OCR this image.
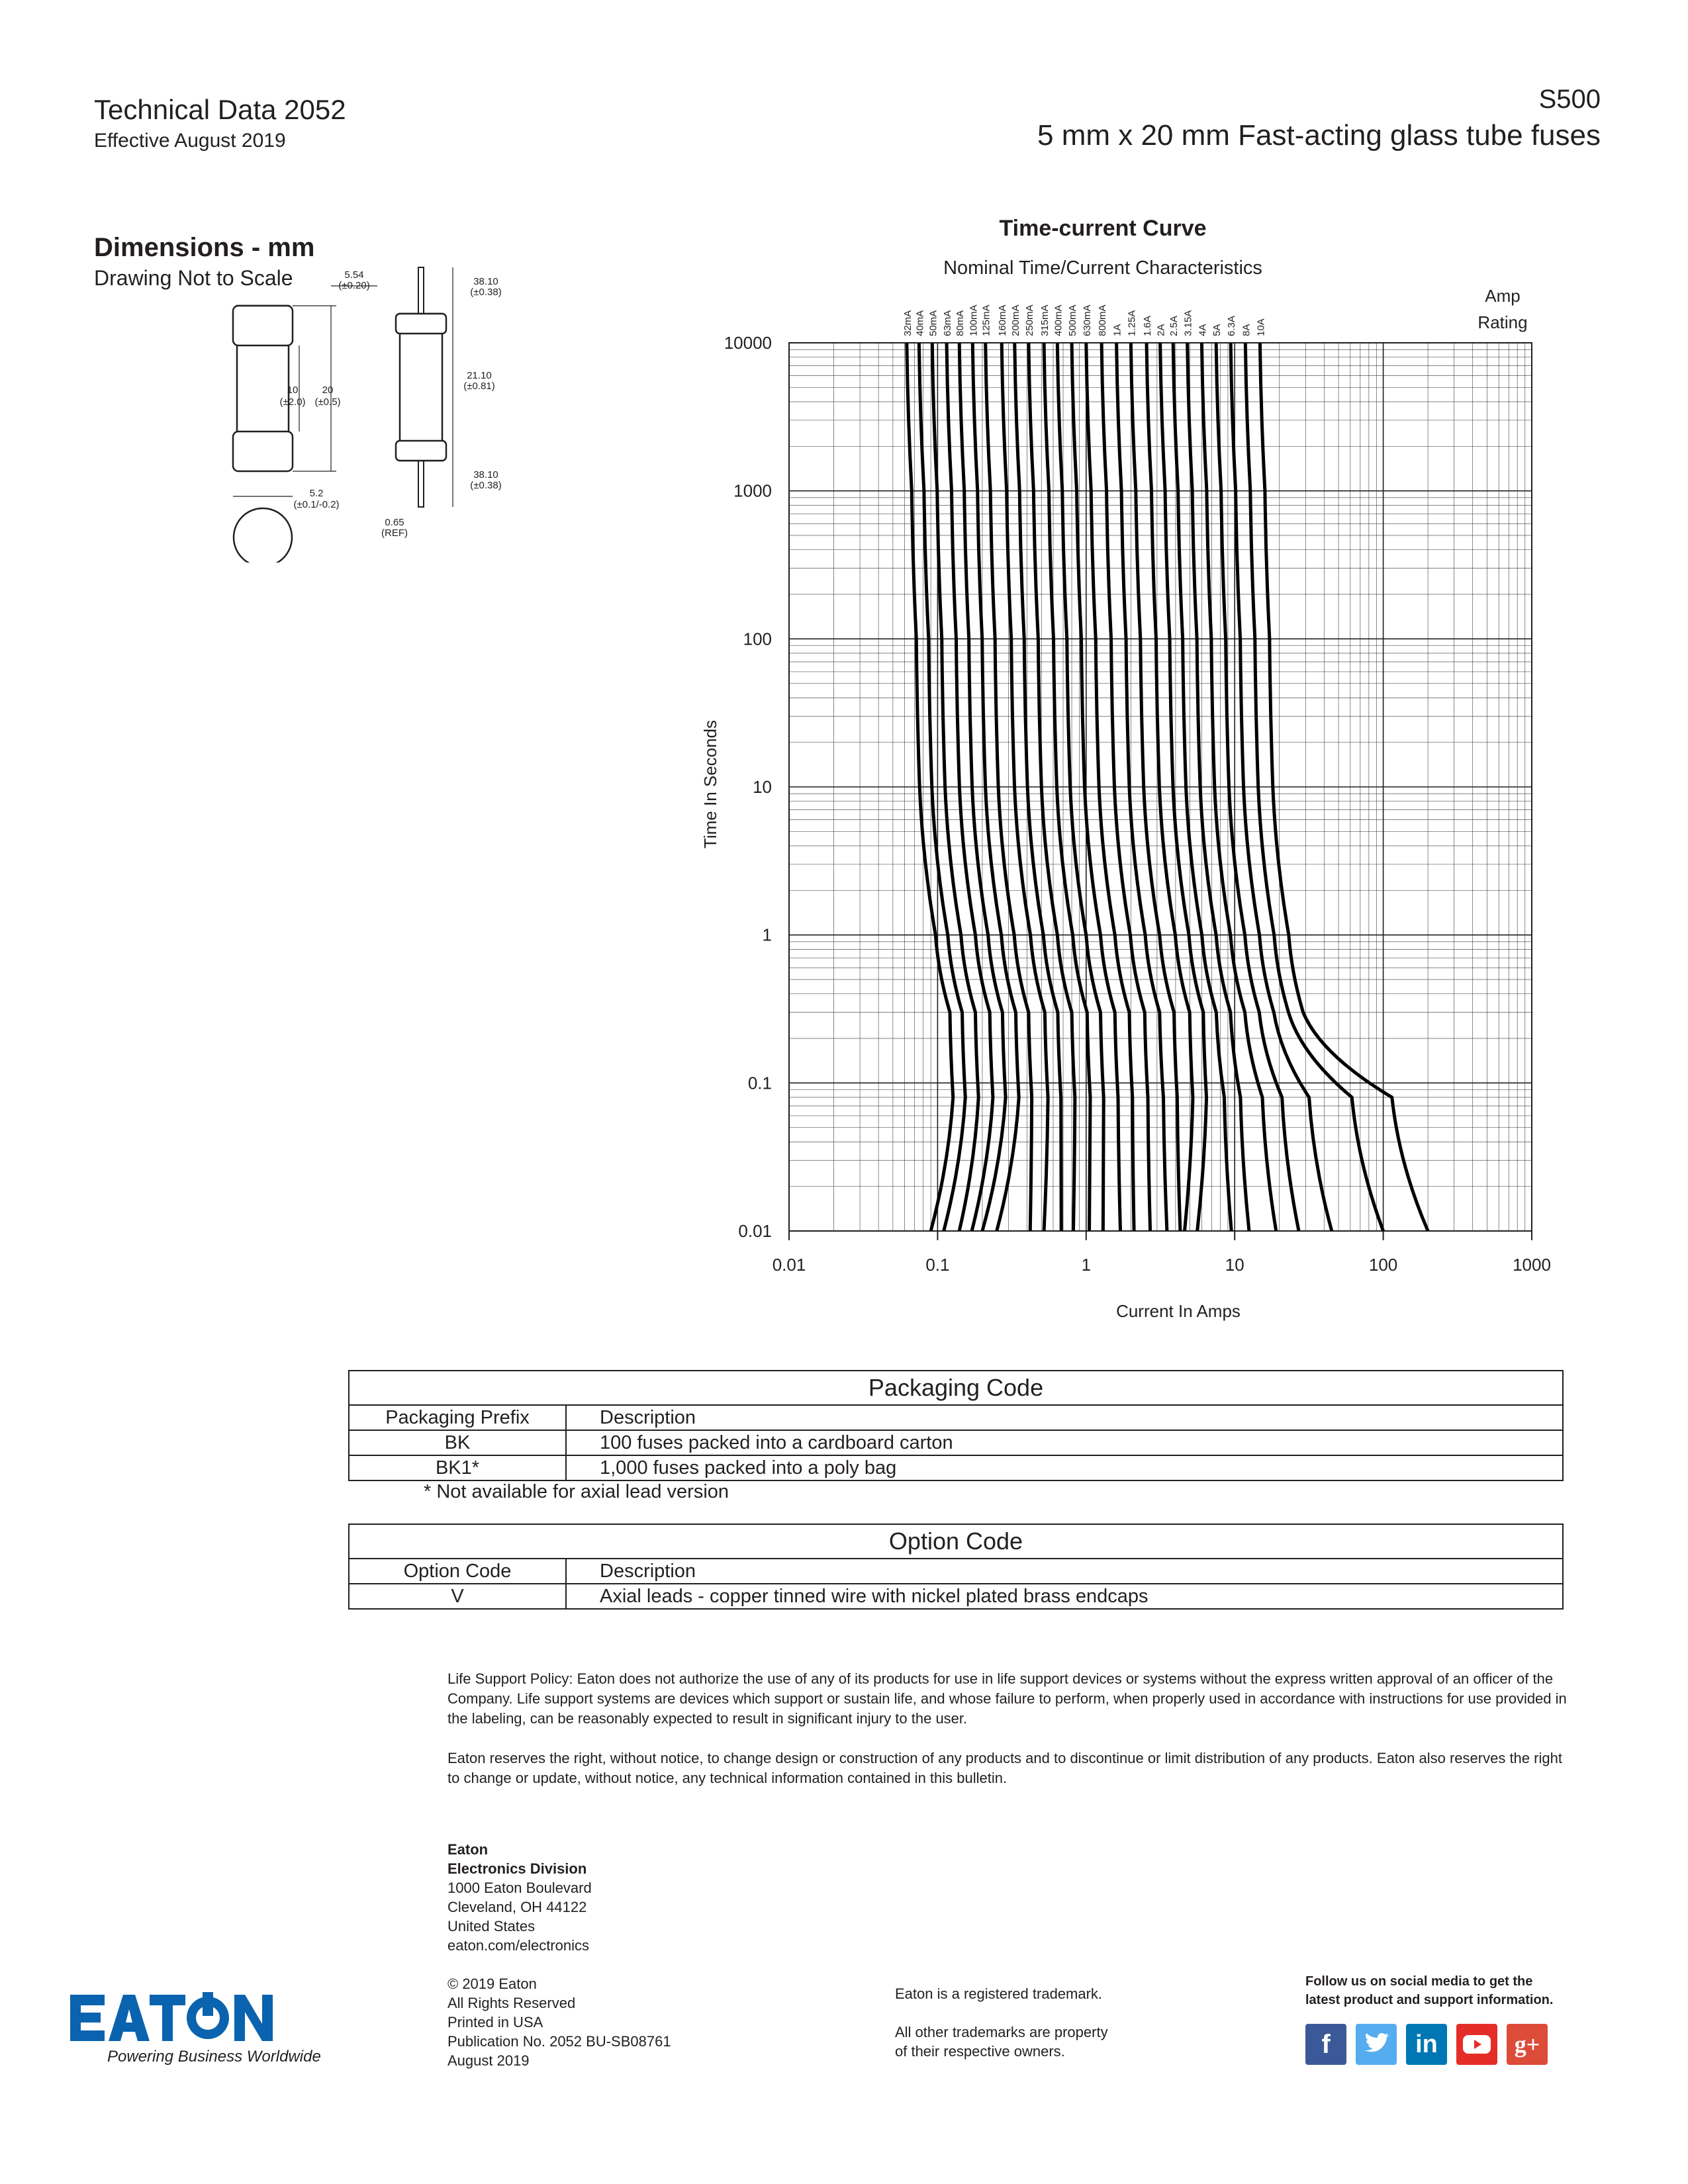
Technical Data 2052
Effective August 2019
S500
5 mm x 20 mm Fast-acting glass tube fuses
Dimensions - mm
Drawing Not to Scale
10
(±2.0)
20
(±0.5)
5.2
(±0.1/-0.2)
5.54
(±0.20)	38.10
(±0.38)
21.10
(±0.81)
38.10
(±0.38)
0.65
(REF)
Time-current Curve
Nominal Time/Current Characteristics
Amp
Rating
Current In Amps
Time In Seconds
32mA 40mA 50mA 63mA 80mA 100mA 125mA 160mA 200mA 250mA 315mA 400mA 500mA 630mA 800mA 1A 1.25A 1.6A 2A 2.5A 3.15A 4A 5A 6.3A 8A 10A
0.01	0.1	1	10	100	1000
10000
1000
100
10
1
0.1
0.01
Packaging Code	
Packaging Prefix	Description
BK	100 fuses packed into a cardboard carton
BK1*	1,000 fuses packed into a poly bag
* Not available for axial lead version
Option Code	
Option Code	Description
V	Axial leads - copper tinned wire with nickel plated brass endcaps
Life Support Policy: Eaton does not authorize the use of any of its products for use in life support devices or systems without the express written approval of an officer of the Company. Life support systems are devices which support or sustain life, and whose failure to perform, when properly used in accordance with instructions for use provided in the labeling, can be reasonably expected to result in significant injury to the user.
Eaton reserves the right, without notice, to change design or construction of any products and to discontinue or limit distribution of any products. Eaton also reserves the right to change or update, without notice, any technical information contained in this bulletin.
Eaton
Electronics Division
1000 Eaton Boulevard
Cleveland, OH 44122
United States
eaton.com/electronics
© 2019 Eaton
All Rights Reserved
Printed in USA
Publication No. 2052 BU-SB08761
August 2019
Eaton is a registered trademark.
All other trademarks are property
of their respective owners.
Follow us on social media to get the
latest product and support information.
f	in	g+
Powering Business Worldwide
